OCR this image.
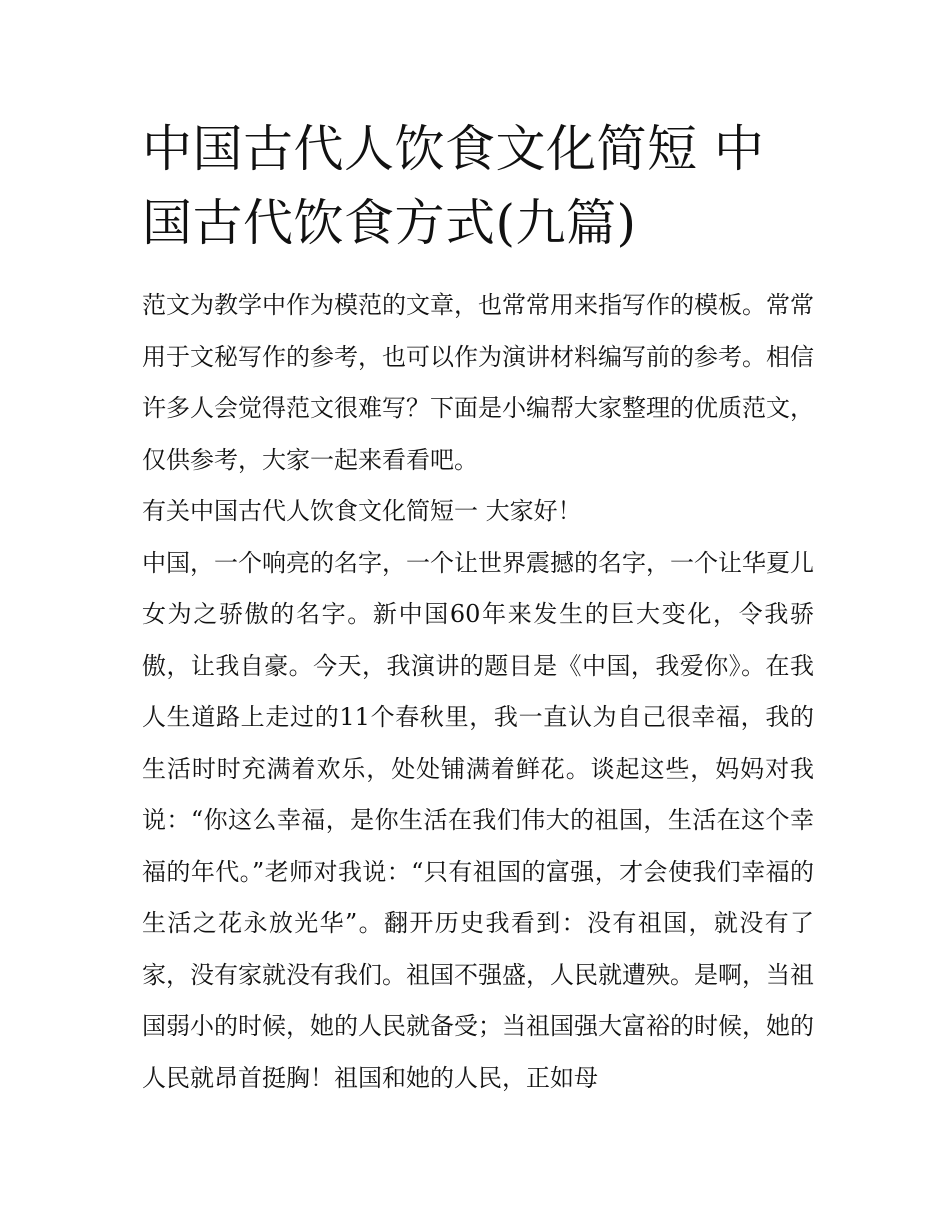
中国古代人饮食文化简短 中国古代饮食方式(九篇)

范文为教学中作为模范的文章，也常常用来指写作的模板。常常用于文秘写作的参考，也可以作为演讲材料编写前的参考。相信许多人会觉得范文很难写？下面是小编帮大家整理的优质范文，仅供参考，大家一起来看看吧。

有关中国古代人饮食文化简短一 大家好！

中国，一个响亮的名字，一个让世界震撼的名字，一个让华夏儿女为之骄傲的名字。新中国60年来发生的巨大变化，令我骄傲，让我自豪。今天，我演讲的题目是《中国，我爱你》。在我人生道路上走过的11个春秋里，我一直认为自己很幸福，我的生活时时充满着欢乐，处处铺满着鲜花。谈起这些，妈妈对我说：“你这么幸福，是你生活在我们伟大的祖国，生活在这个幸福的年代。”老师对我说：“只有祖国的富强，才会使我们幸福的生活之花永放光华”。翻开历史我看到：没有祖国，就没有了家，没有家就没有我们。祖国不强盛，人民就遭殃。是啊，当祖国弱小的时候，她的人民就备受；当祖国强大富裕的时候，她的人民就昂首挺胸！祖国和她的人民，正如母
